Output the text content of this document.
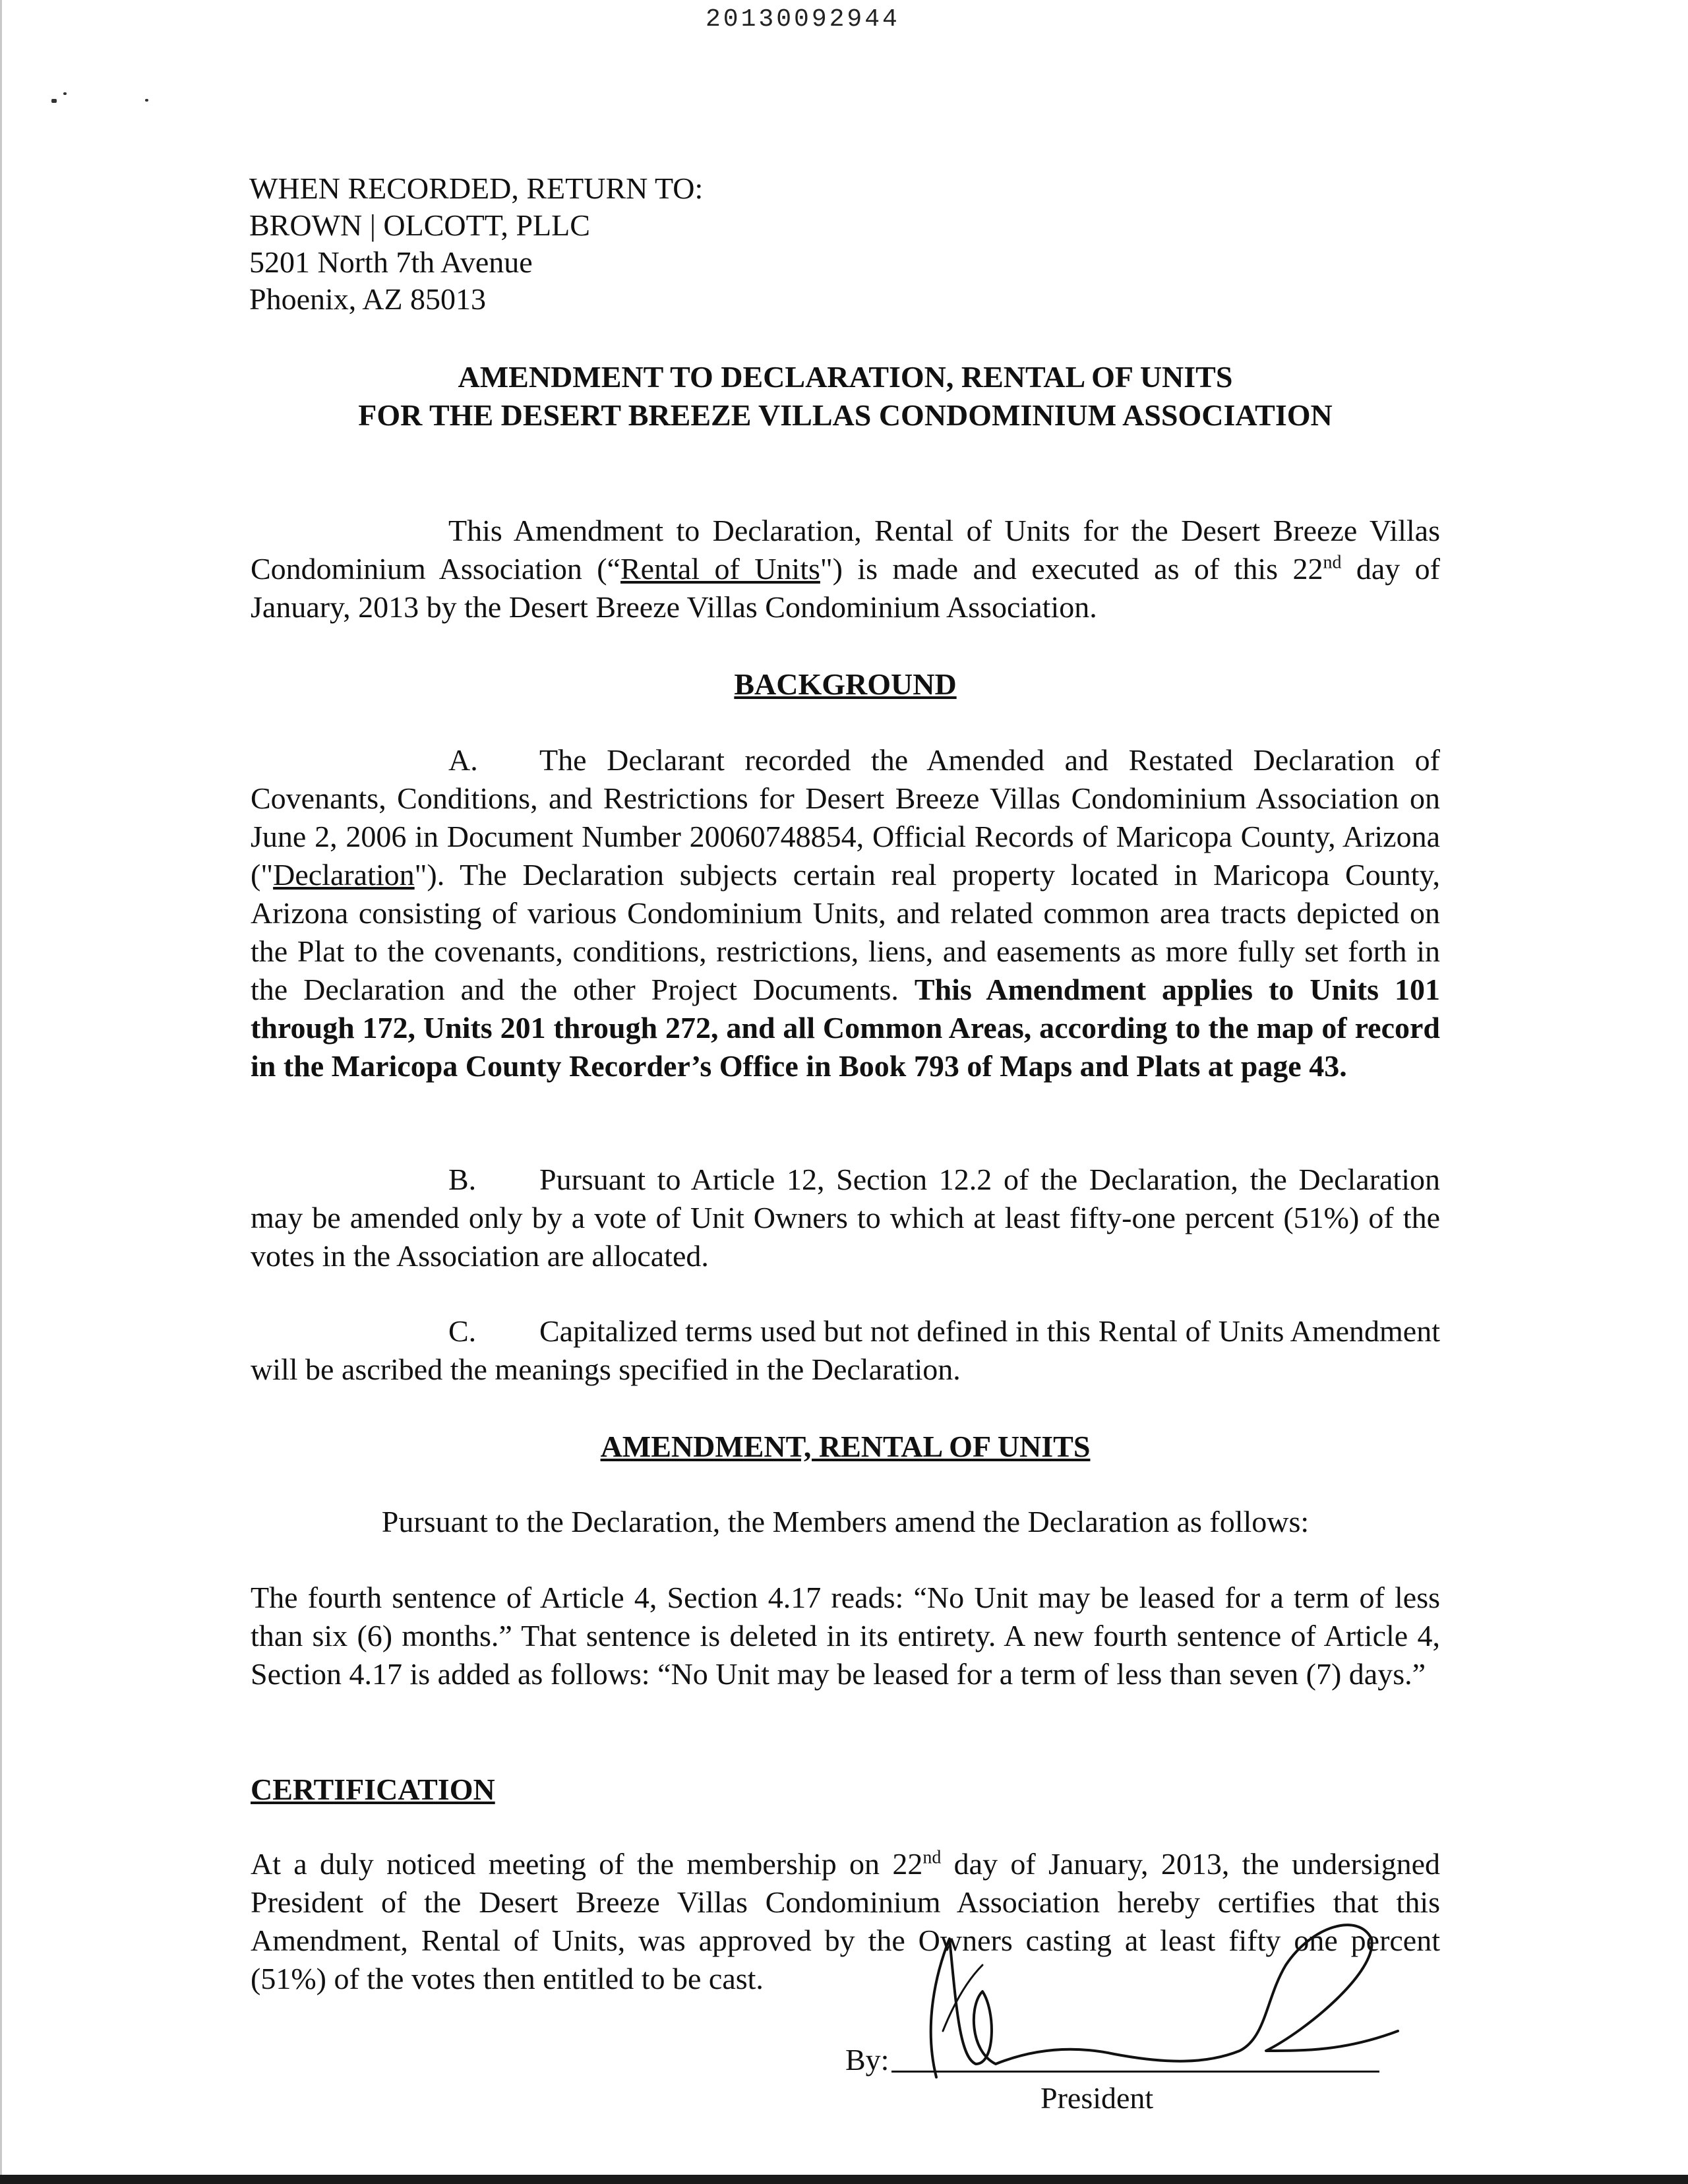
20130092944
WHEN RECORDED, RETURN TO:
BROWN | OLCOTT, PLLC
5201 North 7th Avenue
Phoenix, AZ 85013
AMENDMENT TO DECLARATION, RENTAL OF UNITS
FOR THE DESERT BREEZE VILLAS CONDOMINIUM ASSOCIATION
This Amendment to Declaration, Rental of Units for the Desert Breeze Villas Condominium Association (“Rental of Units") is made and executed as of this 22nd day of January, 2013 by the Desert Breeze Villas Condominium Association.
BACKGROUND
A. The Declarant recorded the Amended and Restated Declaration of Covenants, Conditions, and Restrictions for Desert Breeze Villas Condominium Association on June 2, 2006 in Document Number 20060748854, Official Records of Maricopa County, Arizona ("Declaration"). The Declaration subjects certain real property located in Maricopa County, Arizona consisting of various Condominium Units, and related common area tracts depicted on the Plat to the covenants, conditions, restrictions, liens, and easements as more fully set forth in the Declaration and the other Project Documents. This Amendment applies to Units 101 through 172, Units 201 through 272, and all Common Areas, according to the map of record in the Maricopa County Recorder’s Office in Book 793 of Maps and Plats at page 43.
B. Pursuant to Article 12, Section 12.2 of the Declaration, the Declaration may be amended only by a vote of Unit Owners to which at least fifty-one percent (51%) of the votes in the Association are allocated.
C. Capitalized terms used but not defined in this Rental of Units Amendment will be ascribed the meanings specified in the Declaration.
AMENDMENT, RENTAL OF UNITS
Pursuant to the Declaration, the Members amend the Declaration as follows:
The fourth sentence of Article 4, Section 4.17 reads: “No Unit may be leased for a term of less than six (6) months.” That sentence is deleted in its entirety. A new fourth sentence of Article 4, Section 4.17 is added as follows: “No Unit may be leased for a term of less than seven (7) days.”
CERTIFICATION
At a duly noticed meeting of the membership on 22nd day of January, 2013, the undersigned President of the Desert Breeze Villas Condominium Association hereby certifies that this Amendment, Rental of Units, was approved by the Owners casting at least fifty one percent (51%) of the votes then entitled to be cast.
By:
President
